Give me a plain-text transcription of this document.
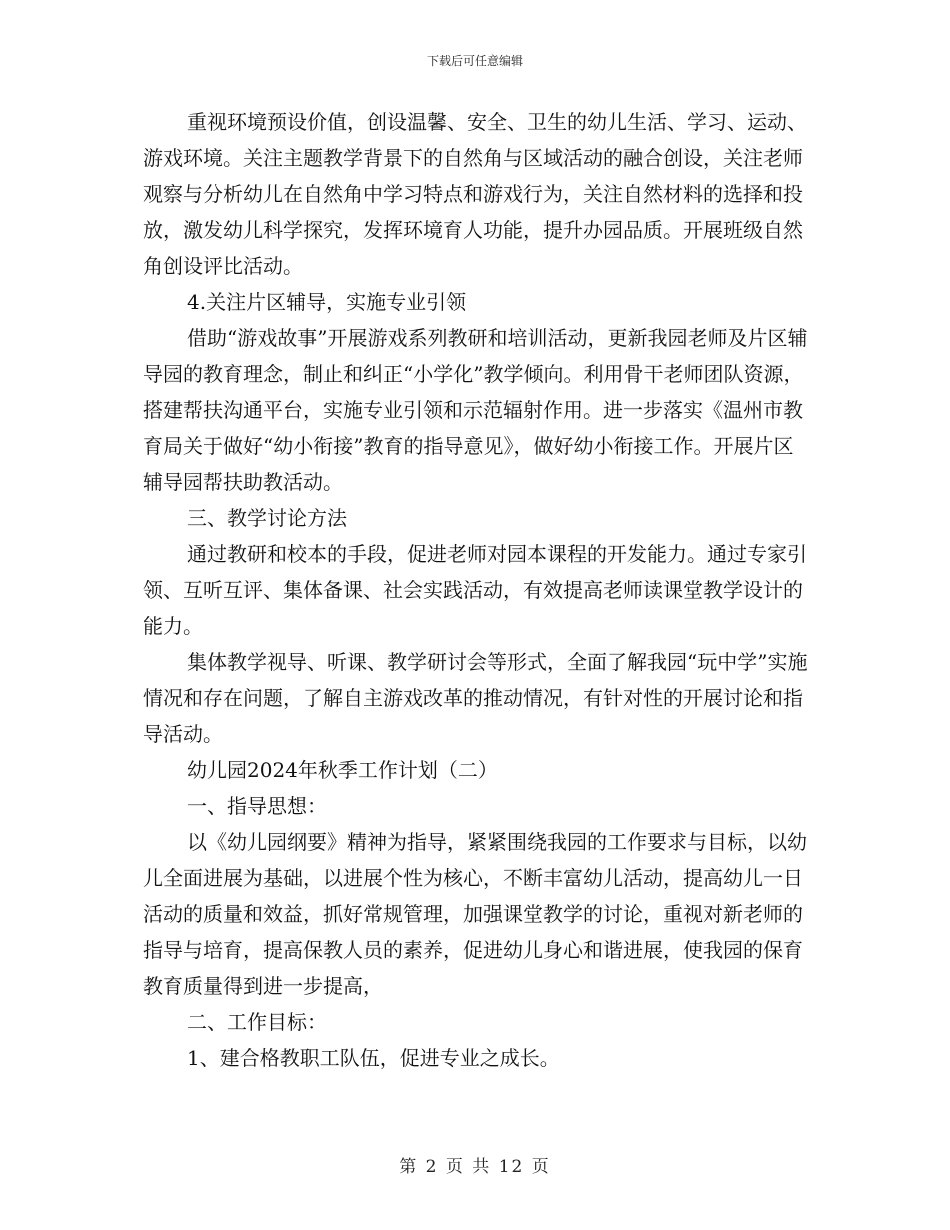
下载后可任意编辑

重视环境预设价值，创设温馨、安全、卫生的幼儿生活、学习、运动、游戏环境。关注主题教学背景下的自然角与区域活动的融合创设，关注老师观察与分析幼儿在自然角中学习特点和游戏行为，关注自然材料的选择和投放，激发幼儿科学探究，发挥环境育人功能，提升办园品质。开展班级自然角创设评比活动。

4.关注片区辅导，实施专业引领

借助“游戏故事”开展游戏系列教研和培训活动，更新我园老师及片区辅导园的教育理念，制止和纠正“小学化”教学倾向。利用骨干老师团队资源，搭建帮扶沟通平台，实施专业引领和示范辐射作用。进一步落实《温州市教育局关于做好“幼小衔接”教育的指导意见》，做好幼小衔接工作。开展片区辅导园帮扶助教活动。

三、教学讨论方法

通过教研和校本的手段，促进老师对园本课程的开发能力。通过专家引领、互听互评、集体备课、社会实践活动，有效提高老师读课堂教学设计的能力。

集体教学视导、听课、教学研讨会等形式，全面了解我园“玩中学”实施情况和存在问题，了解自主游戏改革的推动情况，有针对性的开展讨论和指导活动。

幼儿园2024年秋季工作计划（二）

一、指导思想：

以《幼儿园纲要》精神为指导，紧紧围绕我园的工作要求与目标，以幼儿全面进展为基础，以进展个性为核心，不断丰富幼儿活动，提高幼儿一日活动的质量和效益，抓好常规管理，加强课堂教学的讨论，重视对新老师的指导与培育，提高保教人员的素养，促进幼儿身心和谐进展，使我园的保育教育质量得到进一步提高，

二、工作目标：

1、建合格教职工队伍，促进专业之成长。

第 2 页 共 12 页
